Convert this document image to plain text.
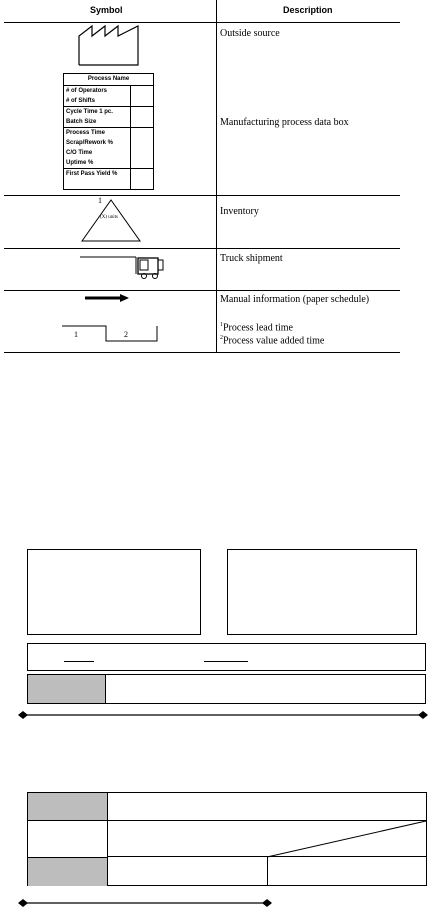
Symbol	Description
Outside source
Process Name
# of Operators
# of Shifts
Cycle Time 1 pc.
Batch Size
Process Time
Scrap/Rework %
C/O Time
Uptime %
First Pass Yield %
Manufacturing process data box
1
(X) units
Inventory
Truck shipment
Manual information (paper schedule)
1	2
$^1$Process lead time
$^2$Process value added time
